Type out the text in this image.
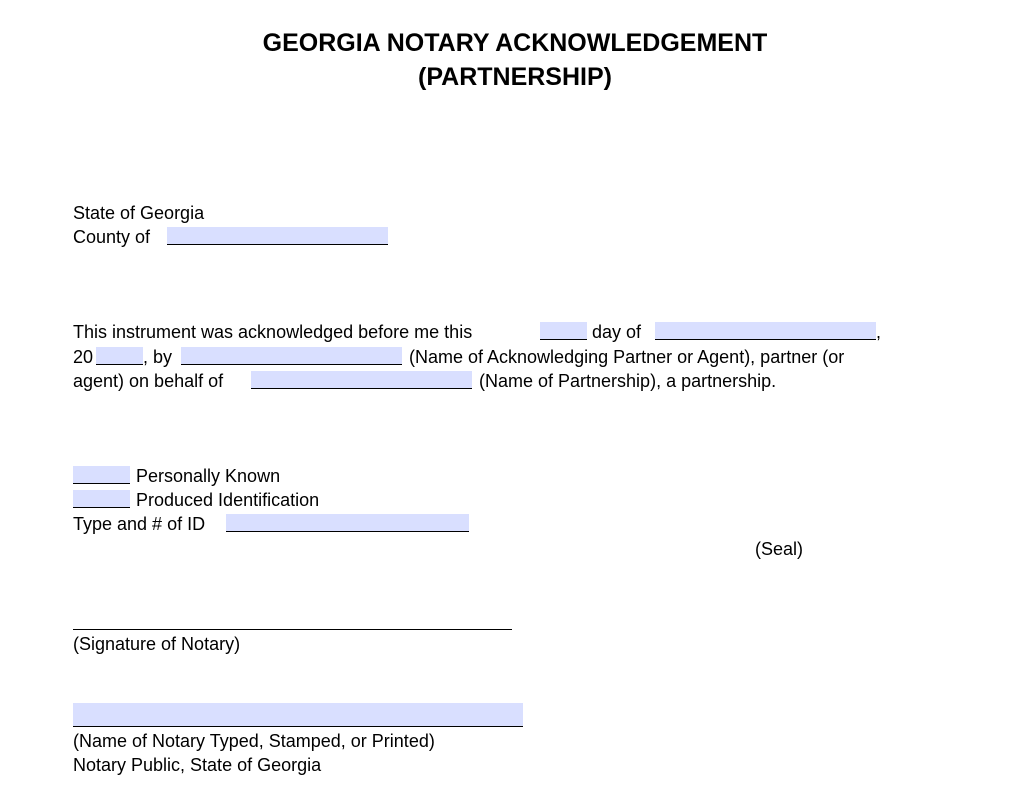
GEORGIA NOTARY ACKNOWLEDGEMENT
(PARTNERSHIP)
State of Georgia
County of
This instrument was acknowledged before me this	day of	,
20	, by	(Name of Acknowledging Partner or Agent), partner (or
agent) on behalf of	(Name of Partnership), a partnership.
Personally Known
Produced Identification
Type and # of ID
(Seal)
(Signature of Notary)
(Name of Notary Typed, Stamped, or Printed)
Notary Public, State of Georgia
